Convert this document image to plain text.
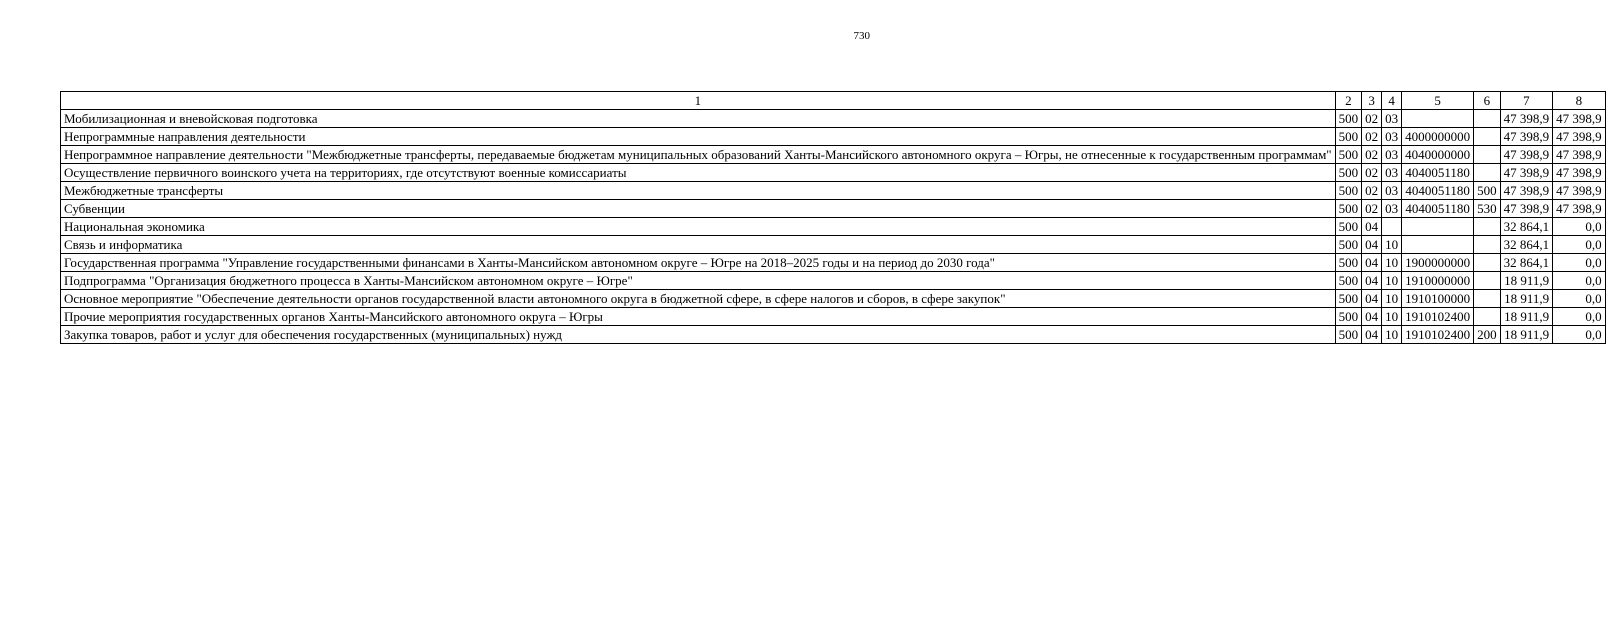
730
1	2	3	4	5	6	7	8
Мобилизационная и вневойсковая подготовка	500	02	03			47 398,9	47 398,9
Непрограммные направления деятельности	500	02	03	4000000000		47 398,9	47 398,9
Непрограммное направление деятельности "Межбюджетные трансферты, передаваемые бюджетам муниципальных образований Ханты-Мансийского автономного округа – Югры, не отнесенные к государственным программам"	500	02	03	4040000000		47 398,9	47 398,9
Осуществление первичного воинского учета на территориях, где отсутствуют военные комиссариаты	500	02	03	4040051180		47 398,9	47 398,9
Межбюджетные трансферты	500	02	03	4040051180	500	47 398,9	47 398,9
Субвенции	500	02	03	4040051180	530	47 398,9	47 398,9
Национальная экономика	500	04				32 864,1	0,0
Связь и информатика	500	04	10			32 864,1	0,0
Государственная программа "Управление государственными финансами в Ханты-Мансийском автономном округе – Югре на 2018–2025 годы и на период до 2030 года"	500	04	10	1900000000		32 864,1	0,0
Подпрограмма "Организация бюджетного процесса в Ханты-Мансийском автономном округе – Югре"	500	04	10	1910000000		18 911,9	0,0
Основное мероприятие "Обеспечение деятельности органов государственной власти автономного округа в бюджетной сфере, в сфере налогов и сборов, в сфере закупок"	500	04	10	1910100000		18 911,9	0,0
Прочие мероприятия государственных органов Ханты-Мансийского автономного округа – Югры	500	04	10	1910102400		18 911,9	0,0
Закупка товаров, работ и услуг для обеспечения государственных (муниципальных) нужд	500	04	10	1910102400	200	18 911,9	0,0
